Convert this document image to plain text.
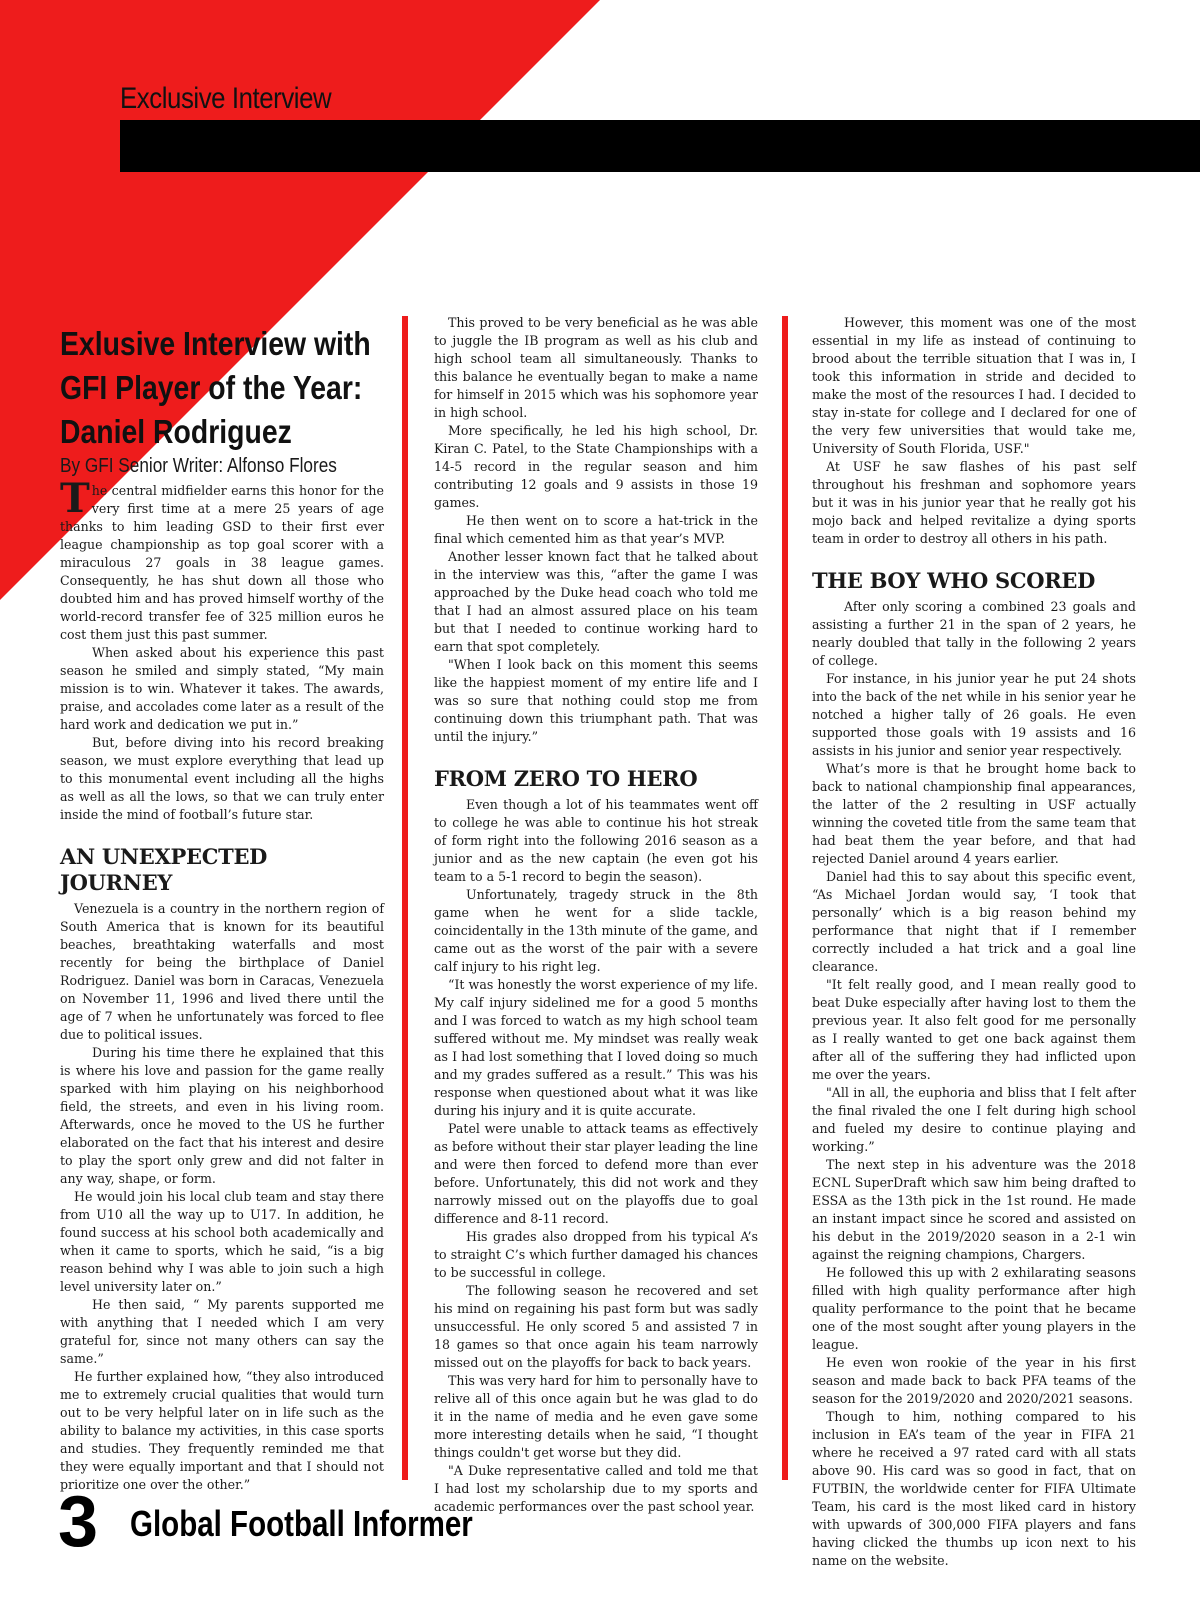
Exclusive Interview
Exlusive Interview with GFI Player of the Year: Daniel Rodriguez
By GFI Senior Writer: Alfonso Flores

The central midfielder earns this honor for the very first time at a mere 25 years of age thanks to him leading GSD to their first ever league championship as top goal scorer with a miraculous 27 goals in 38 league games. Consequently, he has shut down all those who doubted him and has proved himself worthy of the world-record transfer fee of 325 million euros he cost them just this past summer.

When asked about his experience this past season he smiled and simply stated, “My main mission is to win. Whatever it takes. The awards, praise, and accolades come later as a result of the hard work and dedication we put in.”

But, before diving into his record breaking season, we must explore everything that lead up to this monumental event including all the highs as well as all the lows, so that we can truly enter inside the mind of football’s future star.

AN UNEXPECTED JOURNEY

Venezuela is a country in the northern region of South America that is known for its beautiful beaches, breathtaking waterfalls and most recently for being the birthplace of Daniel Rodriguez. Daniel was born in Caracas, Venezuela on November 11, 1996 and lived there until the age of 7 when he unfortunately was forced to flee due to political issues.

During his time there he explained that this is where his love and passion for the game really sparked with him playing on his neighborhood field, the streets, and even in his living room. Afterwards, once he moved to the US he further elaborated on the fact that his interest and desire to play the sport only grew and did not falter in any way, shape, or form.

He would join his local club team and stay there from U10 all the way up to U17. In addition, he found success at his school both academically and when it came to sports, which he said, “is a big reason behind why I was able to join such a high level university later on.”

He then said, “ My parents supported me with anything that I needed which I am very grateful for, since not many others can say the same.”

He further explained how, “they also introduced me to extremely crucial qualities that would turn out to be very helpful later on in life such as the ability to balance my activities, in this case sports and studies. They frequently reminded me that they were equally important and that I should not prioritize one over the other.”

This proved to be very beneficial as he was able to juggle the IB program as well as his club and high school team all simultaneously. Thanks to this balance he eventually began to make a name for himself in 2015 which was his sophomore year in high school.

More specifically, he led his high school, Dr. Kiran C. Patel, to the State Championships with a 14-5 record in the regular season and him contributing 12 goals and 9 assists in those 19 games.

He then went on to score a hat-trick in the final which cemented him as that year’s MVP.

Another lesser known fact that he talked about in the interview was this, “after the game I was approached by the Duke head coach who told me that I had an almost assured place on his team but that I needed to continue working hard to earn that spot completely.

"When I look back on this moment this seems like the happiest moment of my entire life and I was so sure that nothing could stop me from continuing down this triumphant path. That was until the injury.”

FROM ZERO TO HERO

Even though a lot of his teammates went off to college he was able to continue his hot streak of form right into the following 2016 season as a junior and as the new captain (he even got his team to a 5-1 record to begin the season).

Unfortunately, tragedy struck in the 8th game when he went for a slide tackle, coincidentally in the 13th minute of the game, and came out as the worst of the pair with a severe calf injury to his right leg.

“It was honestly the worst experience of my life. My calf injury sidelined me for a good 5 months and I was forced to watch as my high school team suffered without me. My mindset was really weak as I had lost something that I loved doing so much and my grades suffered as a result.” This was his response when questioned about what it was like during his injury and it is quite accurate.

Patel were unable to attack teams as effectively as before without their star player leading the line and were then forced to defend more than ever before. Unfortunately, this did not work and they narrowly missed out on the playoffs due to goal difference and 8-11 record.

His grades also dropped from his typical A’s to straight C’s which further damaged his chances to be successful in college.

The following season he recovered and set his mind on regaining his past form but was sadly unsuccessful. He only scored 5 and assisted 7 in 18 games so that once again his team narrowly missed out on the playoffs for back to back years.

This was very hard for him to personally have to relive all of this once again but he was glad to do it in the name of media and he even gave some more interesting details when he said, “I thought things couldn't get worse but they did.

"A Duke representative called and told me that I had lost my scholarship due to my sports and academic performances over the past school year.

However, this moment was one of the most essential in my life as instead of continuing to brood about the terrible situation that I was in, I took this information in stride and decided to make the most of the resources I had. I decided to stay in-state for college and I declared for one of the very few universities that would take me, University of South Florida, USF."

At USF he saw flashes of his past self throughout his freshman and sophomore years but it was in his junior year that he really got his mojo back and helped revitalize a dying sports team in order to destroy all others in his path.

THE BOY WHO SCORED

After only scoring a combined 23 goals and assisting a further 21 in the span of 2 years, he nearly doubled that tally in the following 2 years of college.

For instance, in his junior year he put 24 shots into the back of the net while in his senior year he notched a higher tally of 26 goals. He even supported those goals with 19 assists and 16 assists in his junior and senior year respectively.

What’s more is that he brought home back to back to national championship final appearances, the latter of the 2 resulting in USF actually winning the coveted title from the same team that had beat them the year before, and that had rejected Daniel around 4 years earlier.

Daniel had this to say about this specific event, “As Michael Jordan would say, ‘I took that personally’ which is a big reason behind my performance that night that if I remember correctly included a hat trick and a goal line clearance.

"It felt really good, and I mean really good to beat Duke especially after having lost to them the previous year. It also felt good for me personally as I really wanted to get one back against them after all of the suffering they had inflicted upon me over the years.

"All in all, the euphoria and bliss that I felt after the final rivaled the one I felt during high school and fueled my desire to continue playing and working.”

The next step in his adventure was the 2018 ECNL SuperDraft which saw him being drafted to ESSA as the 13th pick in the 1st round. He made an instant impact since he scored and assisted on his debut in the 2019/2020 season in a 2-1 win against the reigning champions, Chargers.

He followed this up with 2 exhilarating seasons filled with high quality performance after high quality performance to the point that he became one of the most sought after young players in the league.

He even won rookie of the year in his first season and made back to back PFA teams of the season for the 2019/2020 and 2020/2021 seasons.

Though to him, nothing compared to his inclusion in EA’s team of the year in FIFA 21 where he received a 97 rated card with all stats above 90. His card was so good in fact, that on FUTBIN, the worldwide center for FIFA Ultimate Team, his card is the most liked card in history with upwards of 300,000 FIFA players and fans having clicked the thumbs up icon next to his name on the website.

3 Global Football Informer
